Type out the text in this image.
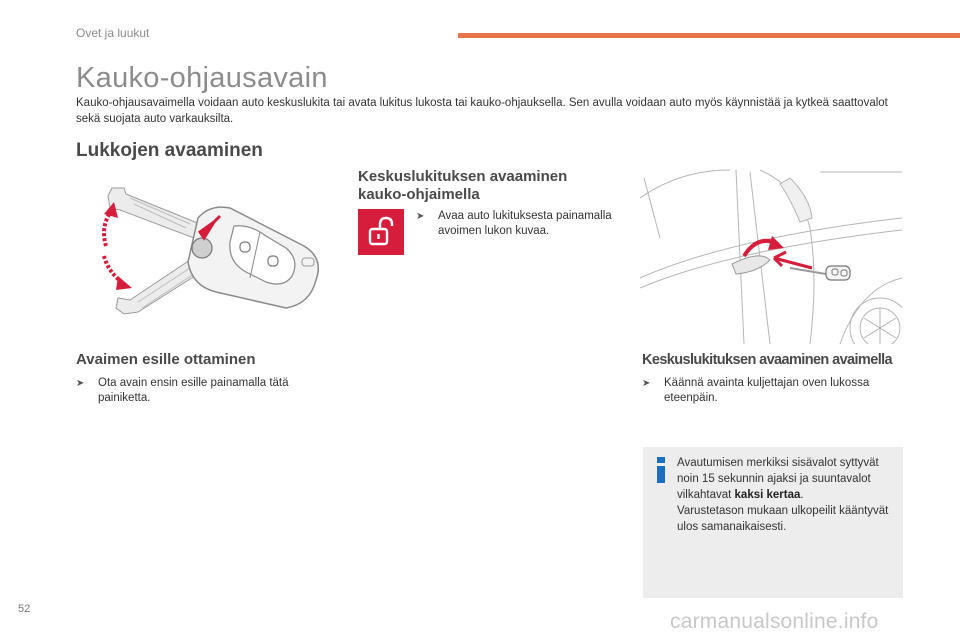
Ovet ja luukut
Kauko-ohjausavain

Kauko-ohjausavaimella voidaan auto keskuslukita tai avata lukitus lukosta tai kauko-ohjauksella. Sen avulla voidaan auto myös käynnistää ja kytkeä saattovalot sekä suojata auto varkauksilta.

Lukkojen avaaminen
Keskuslukituksen avaaminen kauko-ohjaimella
➤	Avaa auto lukituksesta painamalla avoimen lukon kuvaa.
Avaimen esille ottaminen
➤	Ota avain ensin esille painamalla tätä painiketta.
Keskuslukituksen avaaminen avaimella
➤	Käännä avainta kuljettajan oven lukossa eteenpäin.
Avautumisen merkiksi sisävalot syttyvät noin 15 sekunnin ajaksi ja suuntavalot vilkahtavat kaksi kertaa.
Varustetason mukaan ulkopeilit kääntyvät ulos samanaikaisesti.
52
carmanualsonline.info
